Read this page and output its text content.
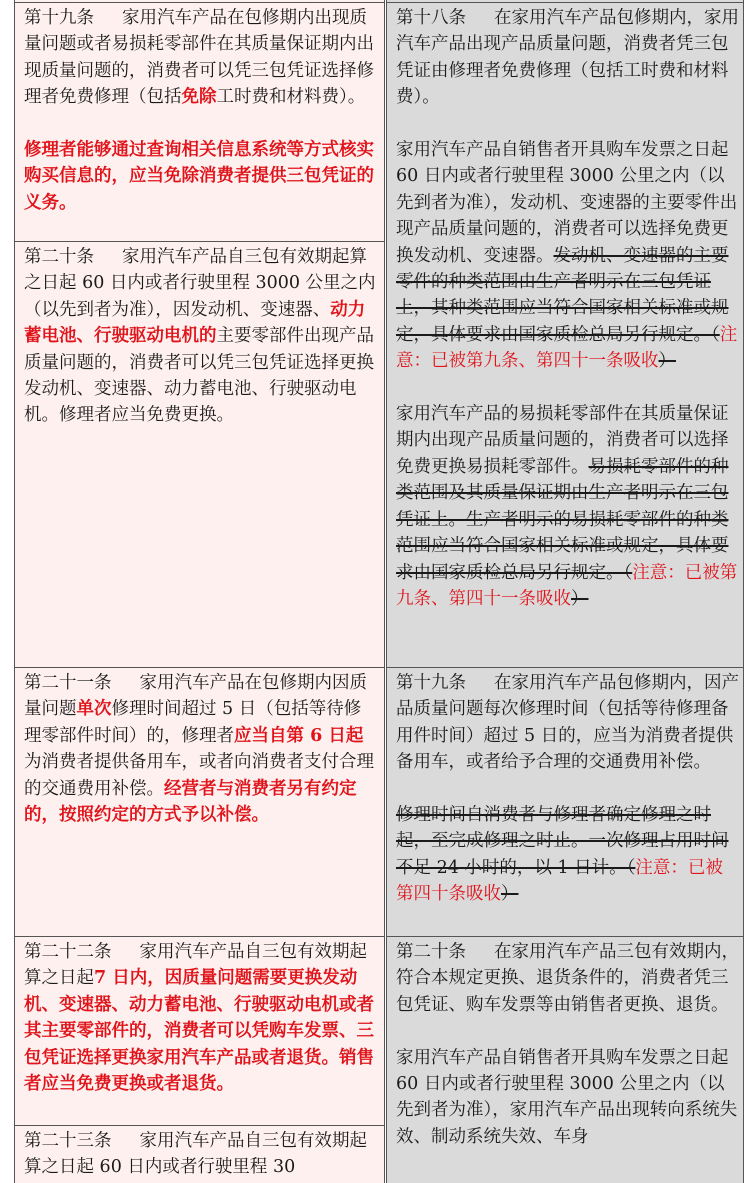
第十九条 家用汽车产品在包修期内出现质量问题或者易损耗零部件在其质量保证期内出现质量问题的，消费者可以凭三包凭证选择修理者免费修理（包括免除工时费和材料费）。

修理者能够通过查询相关信息系统等方式核实购买信息的，应当免除消费者提供三包凭证的义务。

第二十条 家用汽车产品自三包有效期起算之日起 60 日内或者行驶里程 3000 公里之内（以先到者为准），因发动机、变速器、动力蓄电池、行驶驱动电机的主要零部件出现产品质量问题的，消费者可以凭三包凭证选择更换发动机、变速器、动力蓄电池、行驶驱动电机。修理者应当免费更换。

第二十一条 家用汽车产品在包修期内因质量问题单次修理时间超过 5 日（包括等待修理零部件时间）的，修理者应当自第 6 日起为消费者提供备用车，或者向消费者支付合理的交通费用补偿。经营者与消费者另有约定的，按照约定的方式予以补偿。

第二十二条 家用汽车产品自三包有效期起算之日起7 日内，因质量问题需要更换发动机、变速器、动力蓄电池、行驶驱动电机或者其主要零部件的，消费者可以凭购车发票、三包凭证选择更换家用汽车产品或者退货。销售者应当免费更换或者退货。

第二十三条 家用汽车产品自三包有效期起算之日起 60 日内或者行驶里程 30

第十八条 在家用汽车产品包修期内，家用汽车产品出现产品质量问题，消费者凭三包凭证由修理者免费修理（包括工时费和材料费）。

家用汽车产品自销售者开具购车发票之日起 60 日内或者行驶里程 3000 公里之内（以先到者为准），发动机、变速器的主要零件出现产品质量问题的，消费者可以选择免费更换发动机、变速器。发动机、变速器的主要零件的种类范围由生产者明示在三包凭证上，其种类范围应当符合国家相关标准或规定，具体要求由国家质检总局另行规定。（注意：已被第九条、第四十一条吸收）

家用汽车产品的易损耗零部件在其质量保证期内出现产品质量问题的，消费者可以选择免费更换易损耗零部件。易损耗零部件的种类范围及其质量保证期由生产者明示在三包凭证上。生产者明示的易损耗零部件的种类范围应当符合国家相关标准或规定，具体要求由国家质检总局另行规定。（注意：已被第九条、第四十一条吸收）

第十九条 在家用汽车产品包修期内，因产品质量问题每次修理时间（包括等待修理备用件时间）超过 5 日的，应当为消费者提供备用车，或者给予合理的交通费用补偿。

修理时间自消费者与修理者确定修理之时起，至完成修理之时止。一次修理占用时间不足 24 小时的，以 1 日计。（注意：已被第四十条吸收）

第二十条 在家用汽车产品三包有效期内，符合本规定更换、退货条件的，消费者凭三包凭证、购车发票等由销售者更换、退货。

家用汽车产品自销售者开具购车发票之日起 60 日内或者行驶里程 3000 公里之内（以先到者为准），家用汽车产品出现转向系统失效、制动系统失效、车身
